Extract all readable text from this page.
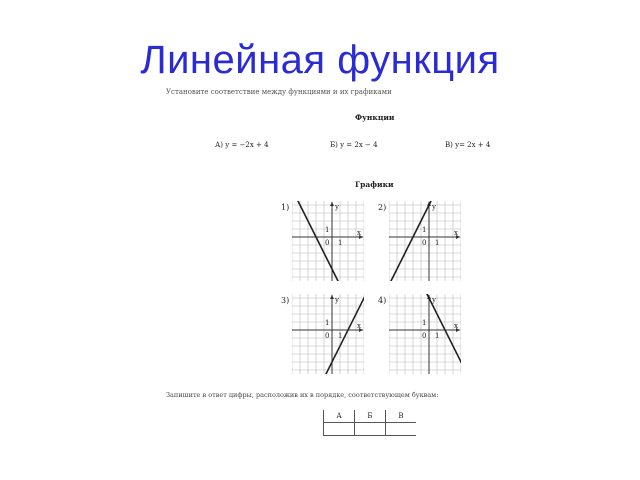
Линейная функция
Установите соответствие между функциями и их графиками
Функции
А) y = −2x + 4	Б) y = 2x − 4	В) y= 2x + 4
Графики
1)	2)
3)	4)
x
y
0 1
1	x
y
0 1
1
x
y
0 1
1	x
y
0 1
1
Запишите в ответ цифры, расположив их в порядке, соответствующем буквам:
А	Б	В
